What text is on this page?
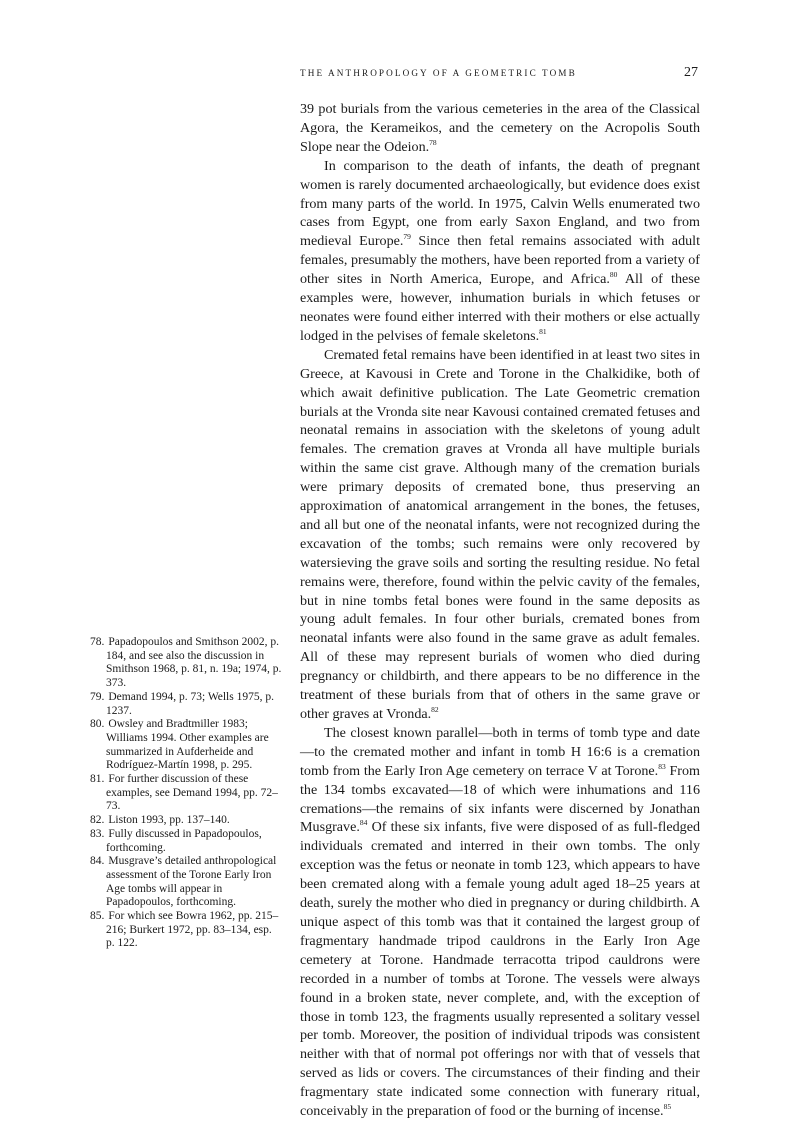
THE ANTHROPOLOGY OF A GEOMETRIC TOMB	27

39 pot burials from the various cemeteries in the area of the Classical Agora, the Kerameikos, and the cemetery on the Acropolis South Slope near the Odeion.$^{78}$

In comparison to the death of infants, the death of pregnant women is rarely documented archaeologically, but evidence does exist from many parts of the world. In 1975, Calvin Wells enumerated two cases from Egypt, one from early Saxon England, and two from medieval Europe.$^{79}$ Since then fetal remains associated with adult females, presumably the mothers, have been reported from a variety of other sites in North America, Europe, and Africa.$^{80}$ All of these examples were, however, inhumation burials in which fetuses or neonates were found either interred with their mothers or else actually lodged in the pelvises of female skeletons.$^{81}$

Cremated fetal remains have been identified in at least two sites in Greece, at Kavousi in Crete and Torone in the Chalkidike, both of which await definitive publication. The Late Geometric cremation burials at the Vronda site near Kavousi contained cremated fetuses and neonatal remains in association with the skeletons of young adult females. The cremation graves at Vronda all have multiple burials within the same cist grave. Although many of the cremation burials were primary deposits of cremated bone, thus preserving an approximation of anatomical arrangement in the bones, the fetuses, and all but one of the neonatal infants, were not recognized during the excavation of the tombs; such remains were only recovered by watersieving the grave soils and sorting the resulting residue. No fetal remains were, therefore, found within the pelvic cavity of the females, but in nine tombs fetal bones were found in the same deposits as young adult females. In four other burials, cremated bones from neonatal infants were also found in the same grave as adult females. All of these may represent burials of women who died during pregnancy or childbirth, and there appears to be no difference in the treatment of these burials from that of others in the same grave or other graves at Vronda.$^{82}$

The closest known parallel—both in terms of tomb type and date—to the cremated mother and infant in tomb H 16:6 is a cremation tomb from the Early Iron Age cemetery on terrace V at Torone.$^{83}$ From the 134 tombs excavated—18 of which were inhumations and 116 cremations—the remains of six infants were discerned by Jonathan Musgrave.$^{84}$ Of these six infants, five were disposed of as full-fledged individuals cremated and interred in their own tombs. The only exception was the fetus or neonate in tomb 123, which appears to have been cremated along with a female young adult aged 18–25 years at death, surely the mother who died in pregnancy or during childbirth. A unique aspect of this tomb was that it contained the largest group of fragmentary handmade tripod cauldrons in the Early Iron Age cemetery at Torone. Handmade terracotta tripod cauldrons were recorded in a number of tombs at Torone. The vessels were always found in a broken state, never complete, and, with the exception of those in tomb 123, the fragments usually represented a solitary vessel per tomb. Moreover, the position of individual tripods was consistent neither with that of normal pot offerings nor with that of vessels that served as lids or covers. The circumstances of their finding and their fragmentary state indicated some connection with funerary ritual, conceivably in the preparation of food or the burning of incense.$^{85}$

78. Papadopoulos and Smithson 2002, p. 184, and see also the discussion in Smithson 1968, p. 81, n. 19a; 1974, p. 373.

79. Demand 1994, p. 73; Wells 1975, p. 1237.

80. Owsley and Bradtmiller 1983; Williams 1994. Other examples are summarized in Aufderheide and Rodríguez-Martín 1998, p. 295.

81. For further discussion of these examples, see Demand 1994, pp. 72–73.

82. Liston 1993, pp. 137–140.

83. Fully discussed in Papadopoulos, forthcoming.

84. Musgrave’s detailed anthropological assessment of the Torone Early Iron Age tombs will appear in Papadopoulos, forthcoming.

85. For which see Bowra 1962, pp. 215–216; Burkert 1972, pp. 83–134, esp. p. 122.
